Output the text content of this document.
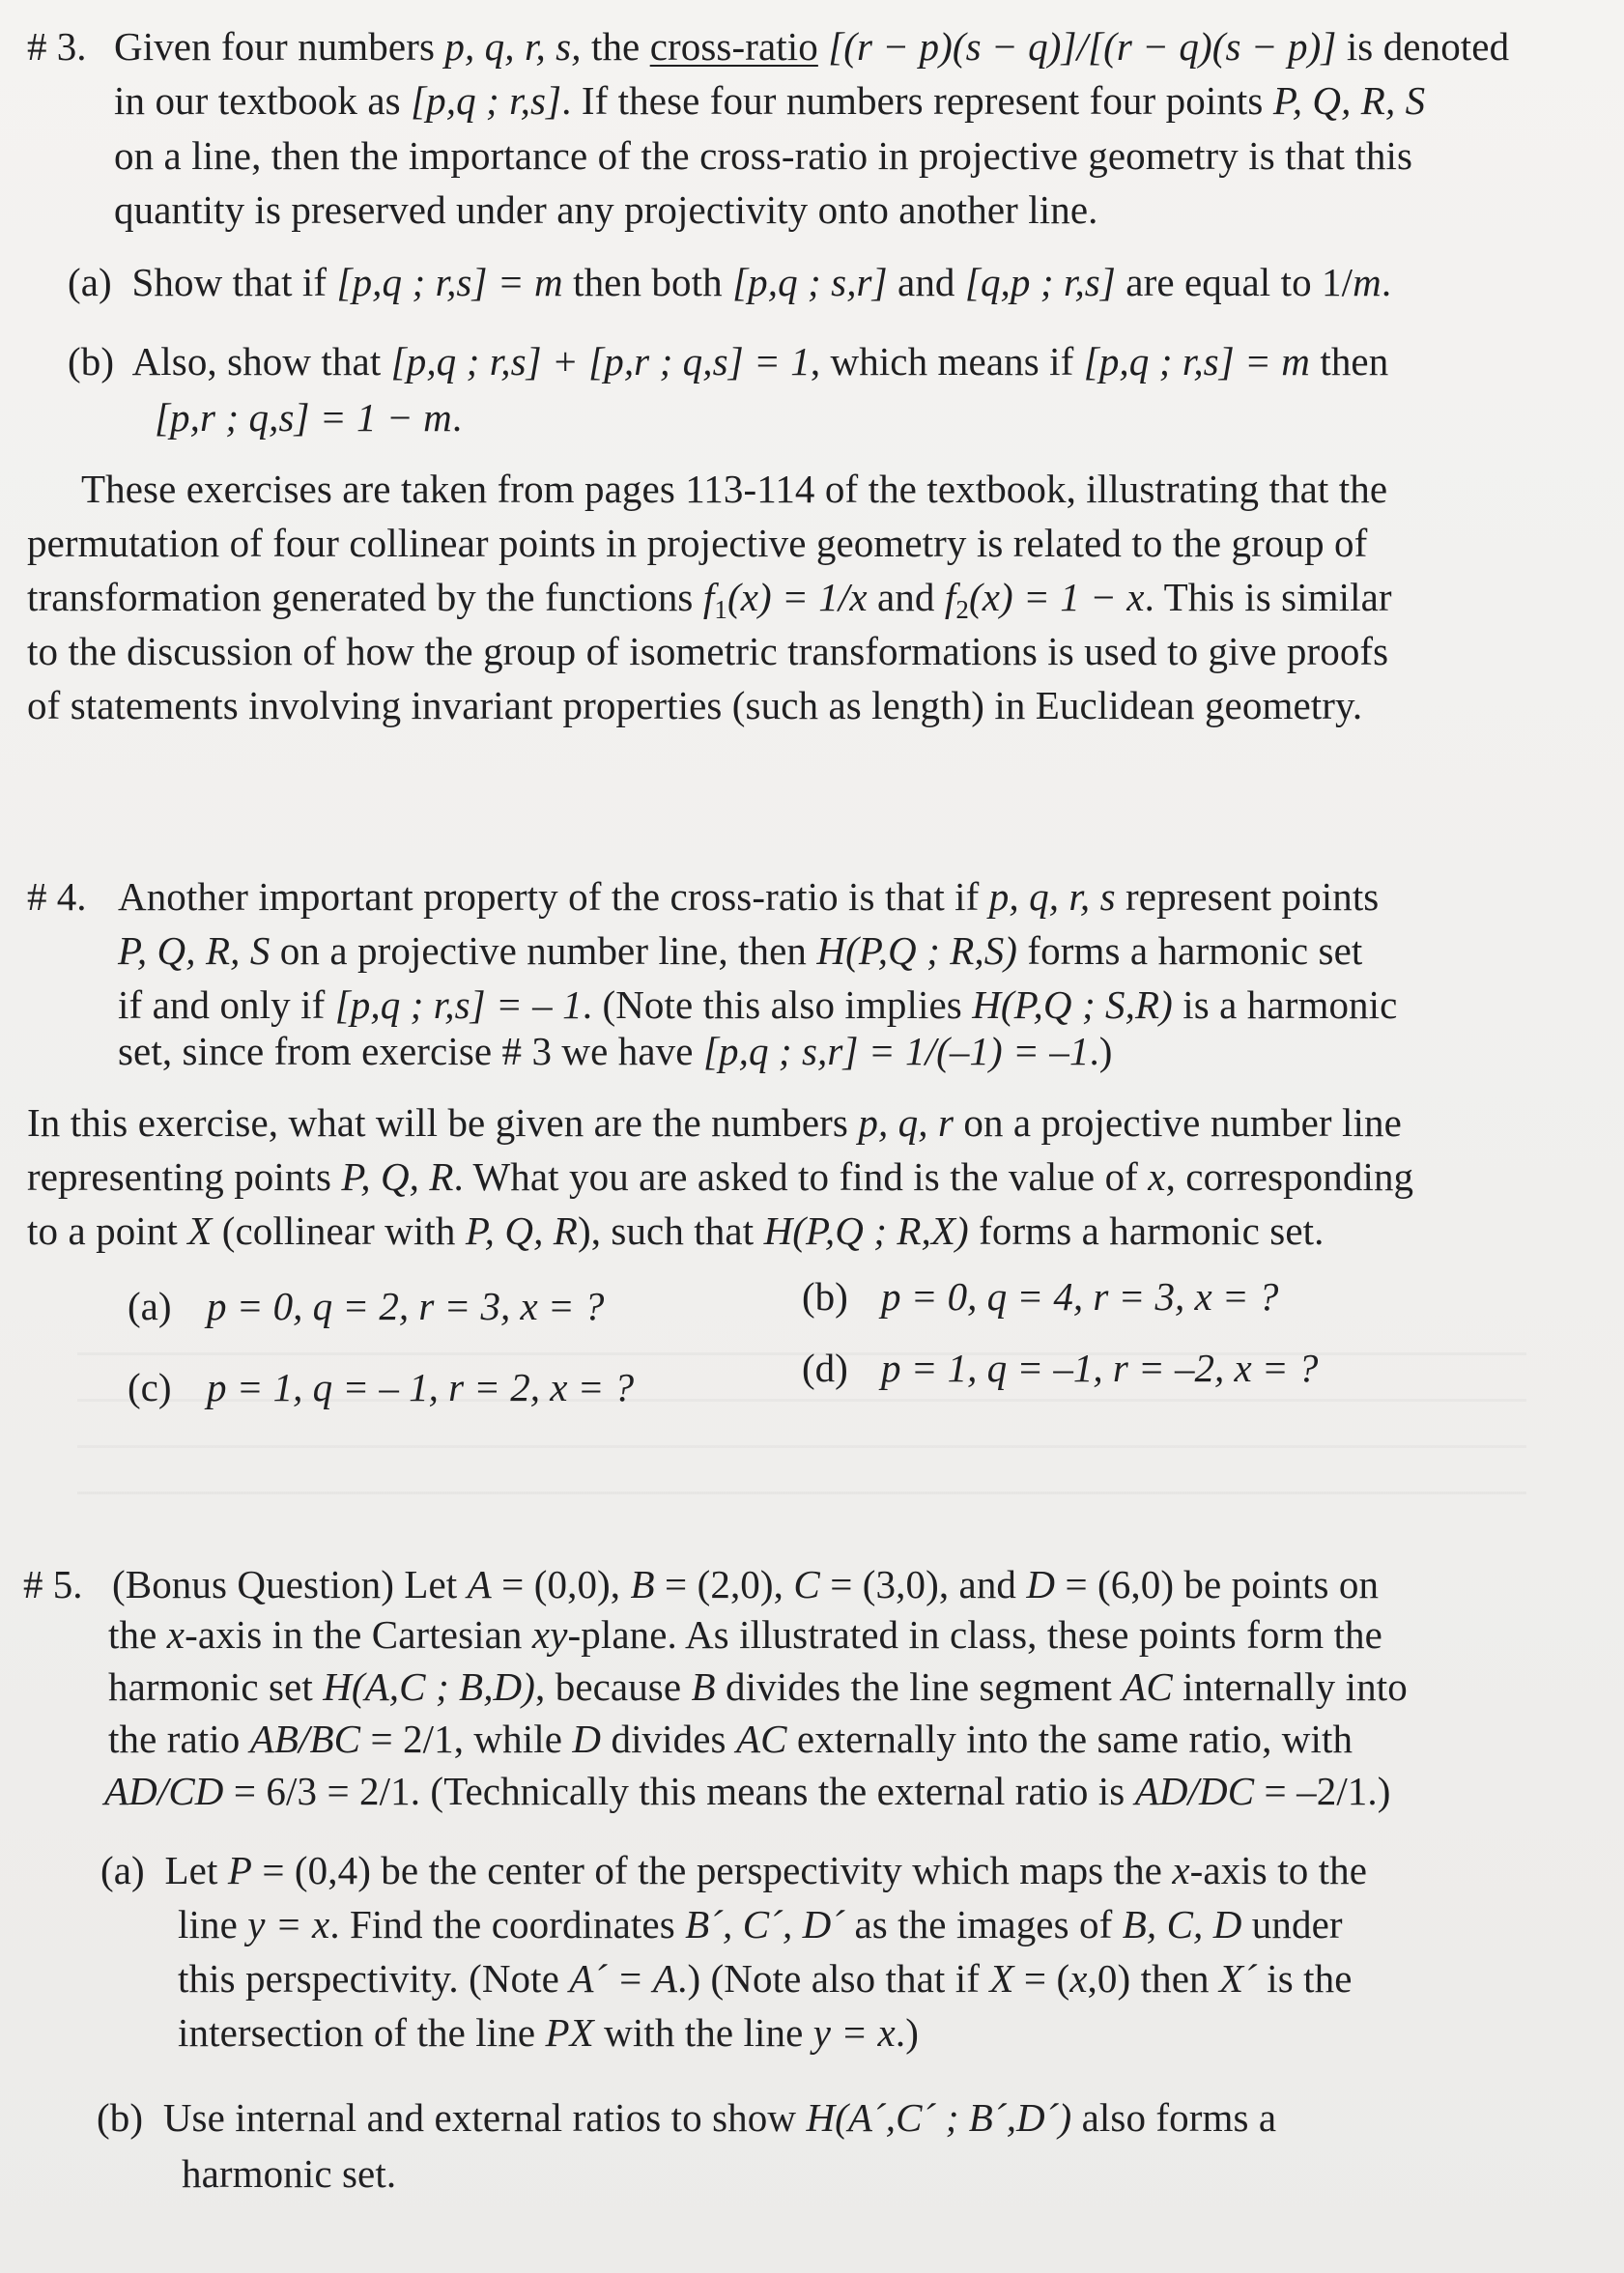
# 3. Given four numbers p, q, r, s, the cross-ratio [(r − p)(s − q)]/[(r − q)(s − p)] is denoted
in our textbook as [p,q ; r,s]. If these four numbers represent four points P, Q, R, S
on a line, then the importance of the cross-ratio in projective geometry is that this
quantity is preserved under any projectivity onto another line.
(a) Show that if [p,q ; r,s] = m then both [p,q ; s,r] and [q,p ; r,s] are equal to 1/m.
(b) Also, show that [p,q ; r,s] + [p,r ; q,s] = 1, which means if [p,q ; r,s] = m then
[p,r ; q,s] = 1 − m.
These exercises are taken from pages 113-114 of the textbook, illustrating that the
permutation of four collinear points in projective geometry is related to the group of
transformation generated by the functions $f_1(x) = 1/x$ and $f_2(x) = 1 - x$. This is similar
to the discussion of how the group of isometric transformations is used to give proofs
of statements involving invariant properties (such as length) in Euclidean geometry.
# 4. Another important property of the cross-ratio is that if p, q, r, s represent points
P, Q, R, S on a projective number line, then H(P,Q ; R,S) forms a harmonic set
if and only if [p,q ; r,s] = – 1. (Note this also implies H(P,Q ; S,R) is a harmonic
set, since from exercise # 3 we have [p,q ; s,r] = 1/(–1) = –1.)
In this exercise, what will be given are the numbers p, q, r on a projective number line
representing points P, Q, R. What you are asked to find is the value of x, corresponding
to a point X (collinear with P, Q, R), such that H(P,Q ; R,X) forms a harmonic set.
(a) p = 0, q = 2, r = 3, x = ?	(b) p = 0, q = 4, r = 3, x = ?
(c) p = 1, q = – 1, r = 2, x = ?	(d) p = 1, q = –1, r = –2, x = ?
# 5. (Bonus Question) Let A = (0,0), B = (2,0), C = (3,0), and D = (6,0) be points on
the x-axis in the Cartesian xy-plane. As illustrated in class, these points form the
harmonic set H(A,C ; B,D), because B divides the line segment AC internally into
the ratio AB/BC = 2/1, while D divides AC externally into the same ratio, with
AD/CD = 6/3 = 2/1. (Technically this means the external ratio is AD/DC = –2/1.)
(a) Let P = (0,4) be the center of the perspectivity which maps the x-axis to the
line y = x. Find the coordinates B´, C´, D´ as the images of B, C, D under
this perspectivity. (Note A´ = A.) (Note also that if X = (x,0) then X´ is the
intersection of the line PX with the line y = x.)
(b) Use internal and external ratios to show H(A´,C´ ; B´,D´) also forms a
harmonic set.
